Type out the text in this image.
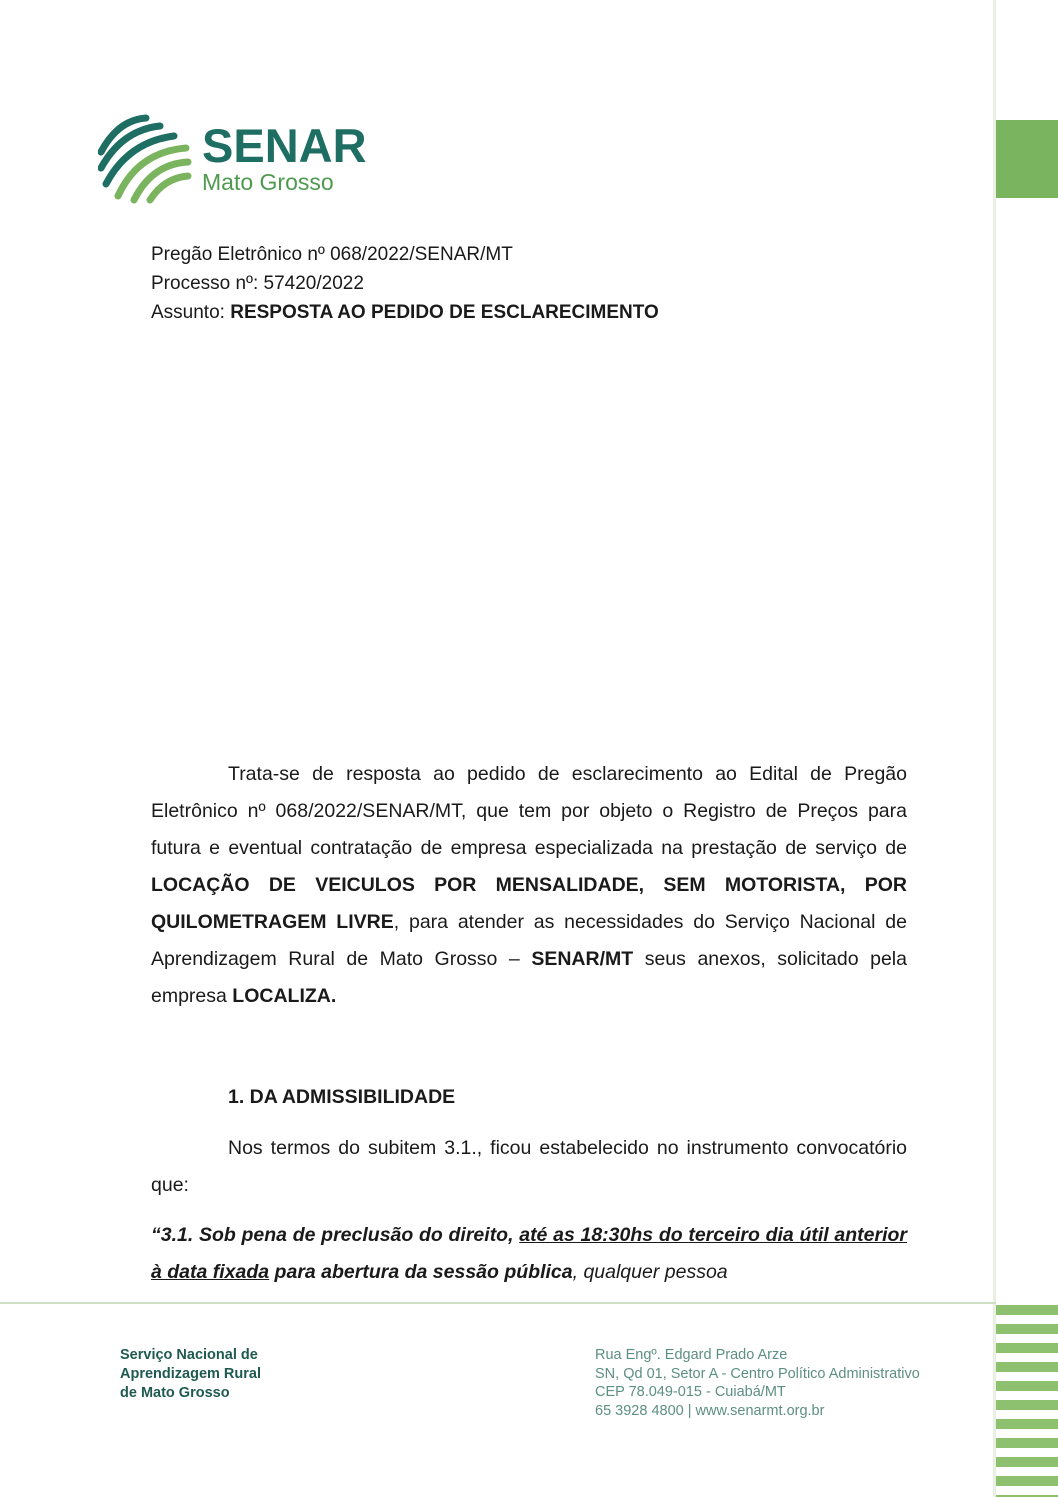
SENAR
Mato Grosso
Pregão Eletrônico nº 068/2022/SENAR/MT
Processo nº: 57420/2022
Assunto: RESPOSTA AO PEDIDO DE ESCLARECIMENTO
Trata-se de resposta ao pedido de esclarecimento ao Edital de Pregão Eletrônico nº 068/2022/SENAR/MT, que tem por objeto o Registro de Preços para futura e eventual contratação de empresa especializada na prestação de serviço de LOCAÇÃO DE VEICULOS POR MENSALIDADE, SEM MOTORISTA, POR QUILOMETRAGEM LIVRE, para atender as necessidades do Serviço Nacional de Aprendizagem Rural de Mato Grosso – SENAR/MT seus anexos, solicitado pela empresa LOCALIZA.
1. DA ADMISSIBILIDADE
Nos termos do subitem 3.1., ficou estabelecido no instrumento convocatório que:
“3.1. Sob pena de preclusão do direito, até as 18:30hs do terceiro dia útil anterior à data fixada para abertura da sessão pública, qualquer pessoa
Serviço Nacional de
Aprendizagem Rural
de Mato Grosso
Rua Engº. Edgard Prado Arze
SN, Qd 01, Setor A - Centro Político Administrativo
CEP 78.049-015 - Cuiabá/MT
65 3928 4800 | www.senarmt.org.br
